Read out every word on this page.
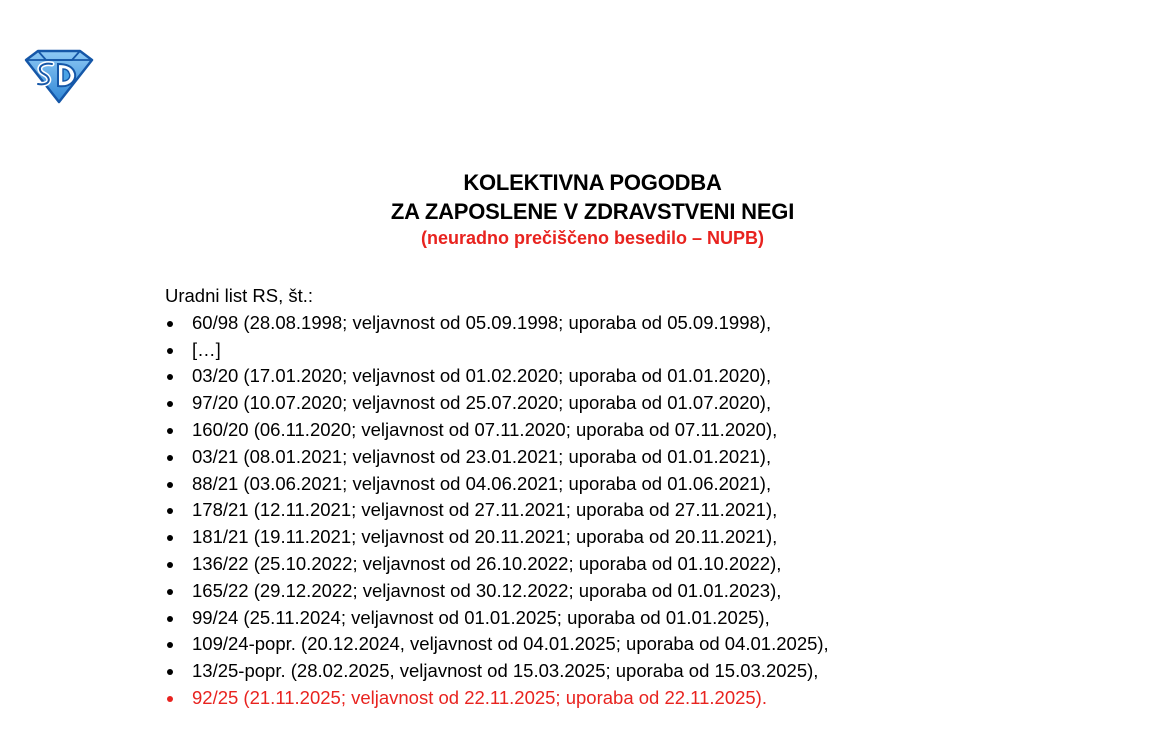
KOLEKTIVNA POGODBA
ZA ZAPOSLENE V ZDRAVSTVENI NEGI
(neuradno prečiščeno besedilo – NUPB)

Uradni list RS, št.:

60/98 (28.08.1998; veljavnost od 05.09.1998; uporaba od 05.09.1998),
[…]
03/20 (17.01.2020; veljavnost od 01.02.2020; uporaba od 01.01.2020),
97/20 (10.07.2020; veljavnost od 25.07.2020; uporaba od 01.07.2020),
160/20 (06.11.2020; veljavnost od 07.11.2020; uporaba od 07.11.2020),
03/21 (08.01.2021; veljavnost od 23.01.2021; uporaba od 01.01.2021),
88/21 (03.06.2021; veljavnost od 04.06.2021; uporaba od 01.06.2021),
178/21 (12.11.2021; veljavnost od 27.11.2021; uporaba od 27.11.2021),
181/21 (19.11.2021; veljavnost od 20.11.2021; uporaba od 20.11.2021),
136/22 (25.10.2022; veljavnost od 26.10.2022; uporaba od 01.10.2022),
165/22 (29.12.2022; veljavnost od 30.12.2022; uporaba od 01.01.2023),
99/24 (25.11.2024; veljavnost od 01.01.2025; uporaba od 01.01.2025),
109/24-popr. (20.12.2024, veljavnost od 04.01.2025; uporaba od 04.01.2025),
13/25-popr. (28.02.2025, veljavnost od 15.03.2025; uporaba od 15.03.2025),
92/25 (21.11.2025; veljavnost od 22.11.2025; uporaba od 22.11.2025).
